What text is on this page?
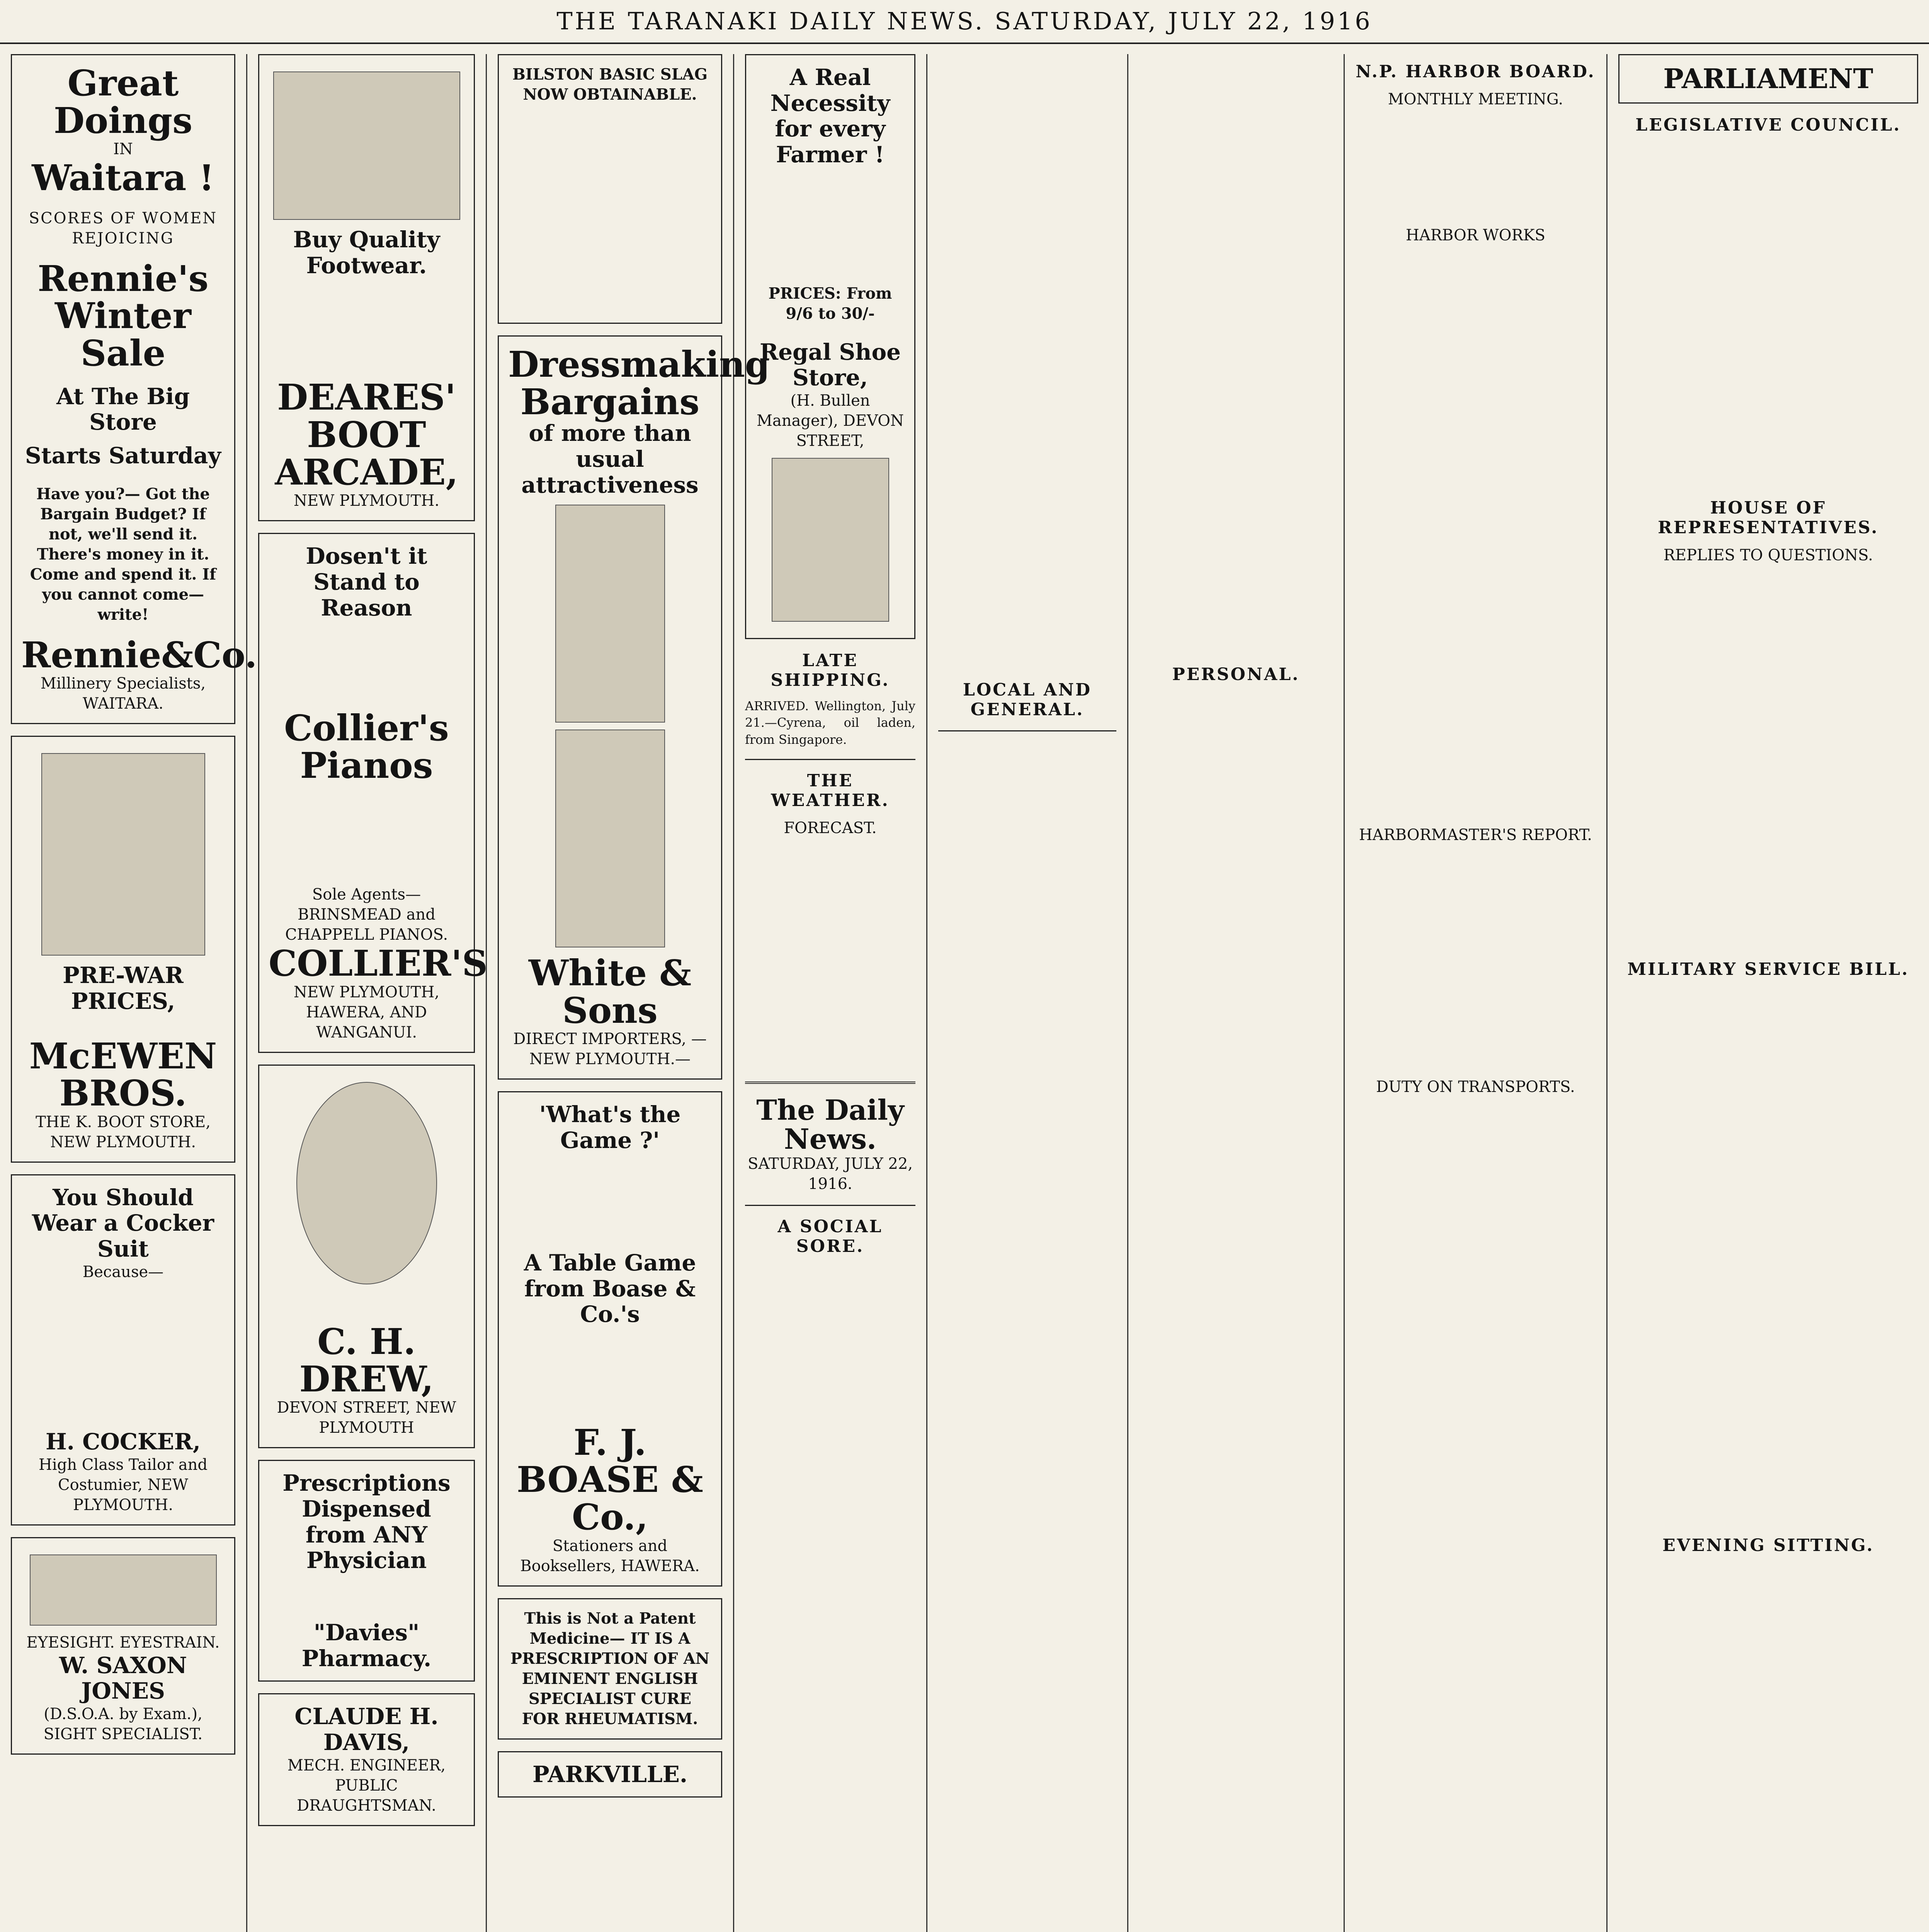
THE TARANAKI DAILY NEWS. SATURDAY, JULY 22, 1916
Great Doings
IN
Waitara !
SCORES OF WOMEN REJOICING
Rennie's Winter Sale
At The Big Store
Starts Saturday
Have you?— Got the Bargain Budget? If not, we'll send it. There's money in it. Come and spend it. If you cannot come— write!
Rennie&Co.
Millinery Specialists, WAITARA.
PRE-WAR PRICES,
McEWEN BROS.
THE K. BOOT STORE, NEW PLYMOUTH.
You Should Wear a Cocker Suit
Because—
H. COCKER,
High Class Tailor and Costumier, NEW PLYMOUTH.
EYESIGHT. EYESTRAIN.
W. SAXON JONES
(D.S.O.A. by Exam.), SIGHT SPECIALIST.
Buy Quality Footwear.
DEARES' BOOT ARCADE,
NEW PLYMOUTH.
Dosen't it Stand to Reason
Collier's Pianos
Sole Agents— BRINSMEAD and CHAPPELL PIANOS.
COLLIER'S
NEW PLYMOUTH, HAWERA, AND WANGANUI.
C. H. DREW,
DEVON STREET, NEW PLYMOUTH
Prescriptions Dispensed from ANY Physician
"Davies" Pharmacy.
CLAUDE H. DAVIS,
MECH. ENGINEER, PUBLIC DRAUGHTSMAN.
BILSTON BASIC SLAG NOW OBTAINABLE.
Dressmaking Bargains
of more than usual attractiveness
White & Sons
DIRECT IMPORTERS, —NEW PLYMOUTH.—
'What's the Game ?'
A Table Game from Boase & Co.'s
F. J. BOASE & Co.,
Stationers and Booksellers, HAWERA.
This is Not a Patent Medicine— IT IS A PRESCRIPTION OF AN EMINENT ENGLISH SPECIALIST CURE FOR RHEUMATISM.
PARKVILLE.
A Real Necessity for every Farmer !
PRICES: From 9/6 to 30/-
Regal Shoe Store,
(H. Bullen Manager), DEVON STREET,
LATE SHIPPING.
ARRIVED. Wellington, July 21.—Cyrena, oil laden, from Singapore.
THE WEATHER.
FORECAST.
The Daily News.
SATURDAY, JULY 22, 1916.
A SOCIAL SORE.
LOCAL AND GENERAL.
PERSONAL.
N.P. HARBOR BOARD.
MONTHLY MEETING.
HARBOR WORKS
HARBORMASTER'S REPORT.
DUTY ON TRANSPORTS.
PARLIAMENT
LEGISLATIVE COUNCIL.
HOUSE OF REPRESENTATIVES.
REPLIES TO QUESTIONS.
MILITARY SERVICE BILL.
EVENING SITTING.
